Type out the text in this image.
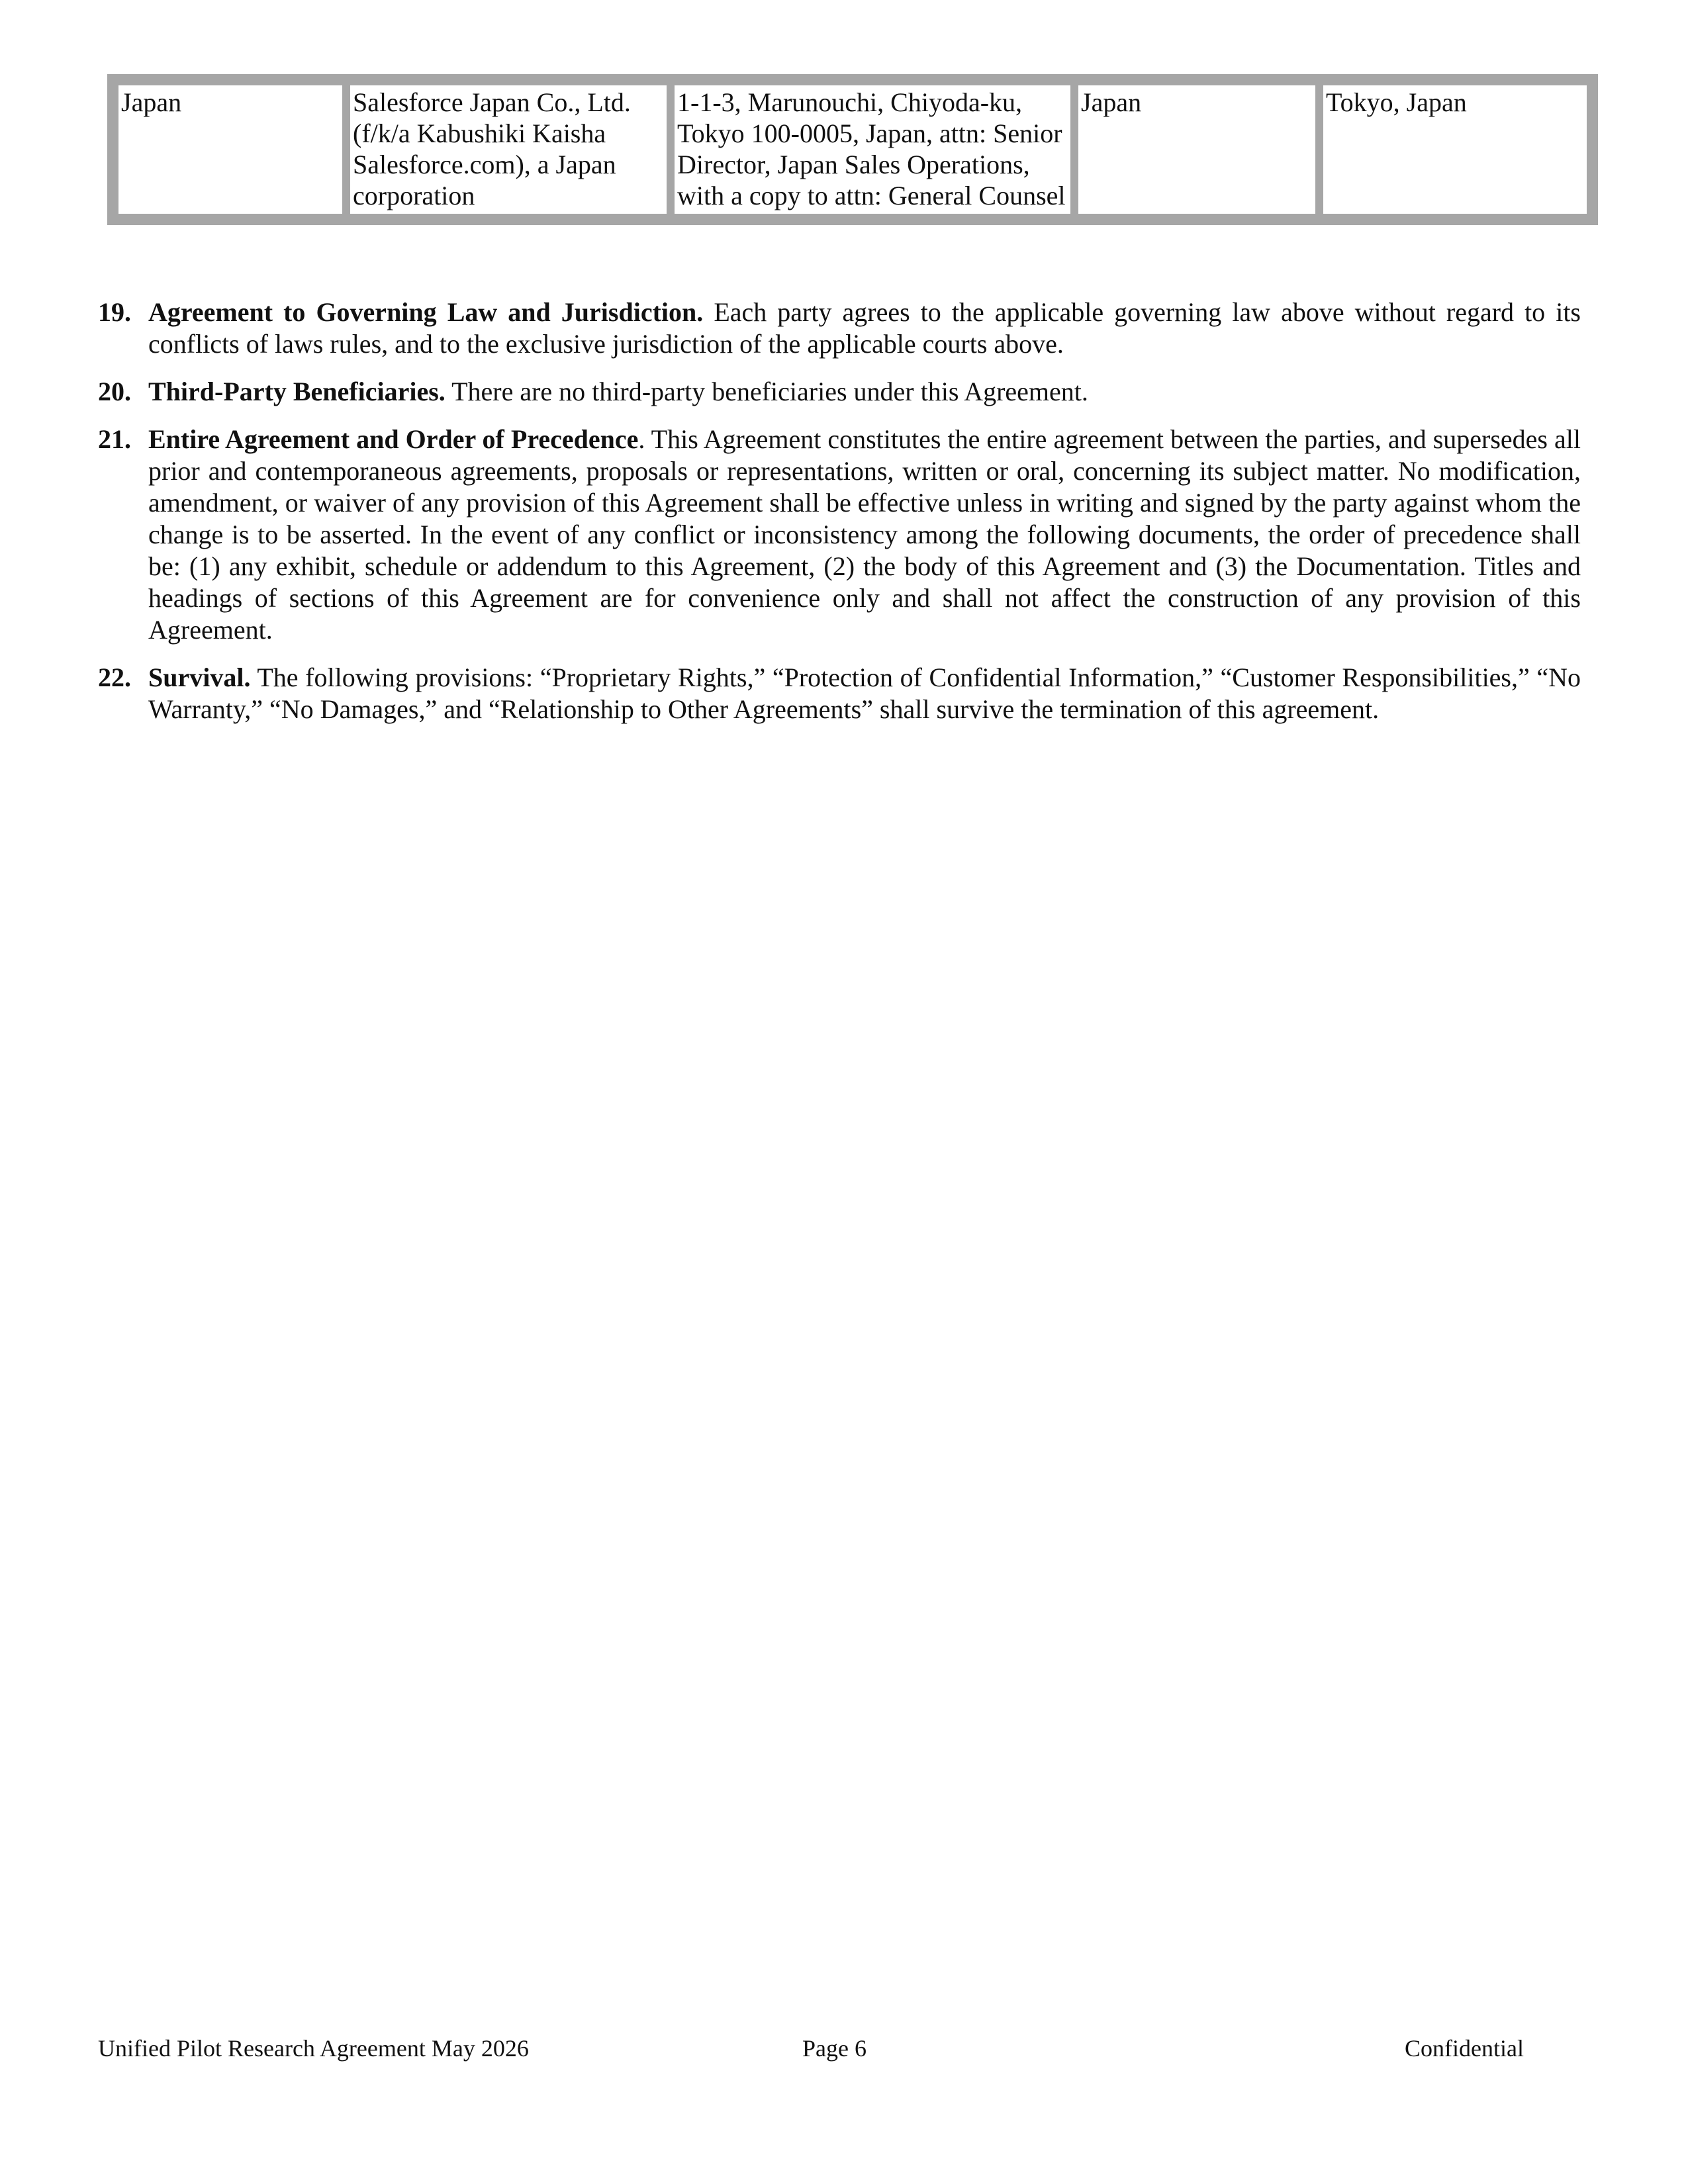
Japan	Salesforce Japan Co., Ltd. (f/k/a Kabushiki Kaisha Salesforce.com), a Japan corporation	1-1-3, Marunouchi, Chiyoda-ku, Tokyo 100-0005, Japan, attn: Senior Director, Japan Sales Operations, with a copy to attn: General Counsel	Japan	Tokyo, Japan
19. Agreement to Governing Law and Jurisdiction. Each party agrees to the applicable governing law above without regard to its conflicts of laws rules, and to the exclusive jurisdiction of the applicable courts above.
20. Third-Party Beneficiaries. There are no third-party beneficiaries under this Agreement.
21. Entire Agreement and Order of Precedence. This Agreement constitutes the entire agreement between the parties, and supersedes all prior and contemporaneous agreements, proposals or representations, written or oral, concerning its subject matter. No modification, amendment, or waiver of any provision of this Agreement shall be effective unless in writing and signed by the party against whom the change is to be asserted. In the event of any conflict or inconsistency among the following documents, the order of precedence shall be: (1) any exhibit, schedule or addendum to this Agreement, (2) the body of this Agreement and (3) the Documentation. Titles and headings of sections of this Agreement are for convenience only and shall not affect the construction of any provision of this Agreement.
22. Survival. The following provisions: “Proprietary Rights,” “Protection of Confidential Information,” “Customer Responsibilities,” “No Warranty,” “No Damages,” and “Relationship to Other Agreements” shall survive the termination of this agreement.
Unified Pilot Research Agreement May 2026	Page 6	Confidential
